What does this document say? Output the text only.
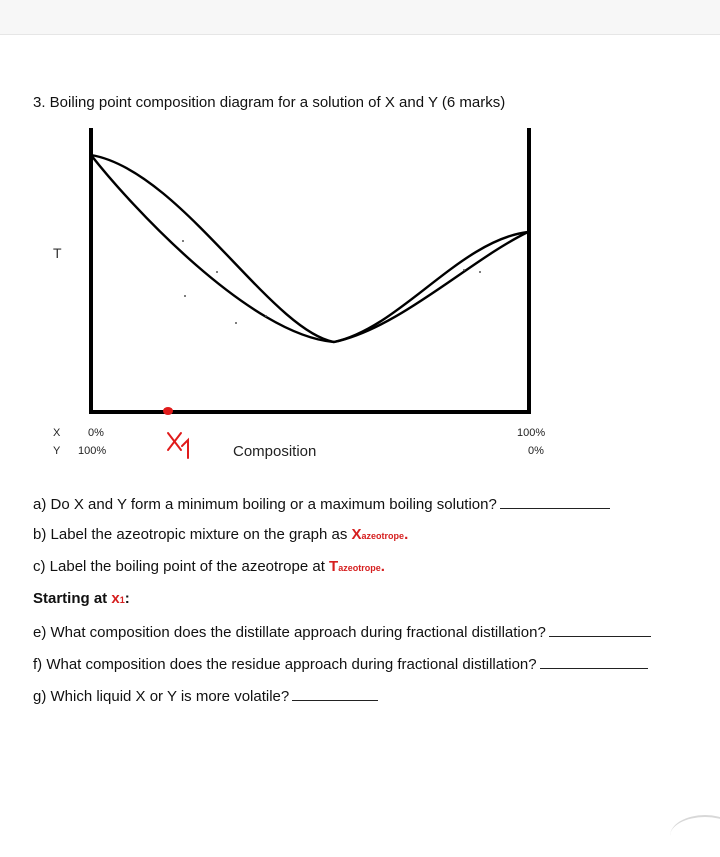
3. Boiling point composition diagram for a solution of X and Y (6 marks)
T
X
Y
0%
100%
100%
0%
Composition
a) Do X and Y form a minimum boiling or a maximum boiling solution?
b) Label the azeotropic mixture on the graph as Xazeotrope.
c) Label the boiling point of the azeotrope at Tazeotrope.
Starting at x1:
e) What composition does the distillate approach during fractional distillation?
f) What composition does the residue approach during fractional distillation?
g) Which liquid X or Y is more volatile?
